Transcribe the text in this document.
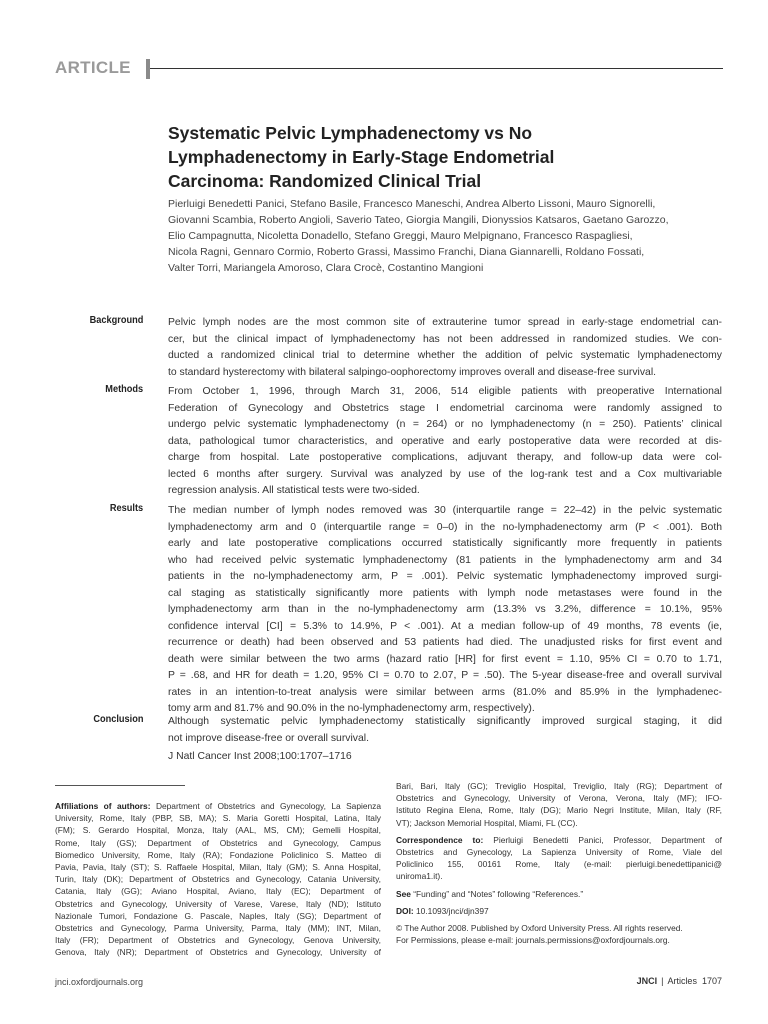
ARTICLE
Systematic Pelvic Lymphadenectomy vs No
Lymphadenectomy in Early-Stage Endometrial
Carcinoma: Randomized Clinical Trial
Pierluigi Benedetti Panici, Stefano Basile, Francesco Maneschi, Andrea Alberto Lissoni, Mauro Signorelli,
Giovanni Scambia, Roberto Angioli, Saverio Tateo, Giorgia Mangili, Dionyssios Katsaros, Gaetano Garozzo,
Elio Campagnutta, Nicoletta Donadello, Stefano Greggi, Mauro Melpignano, Francesco Raspagliesi,
Nicola Ragni, Gennaro Cormio, Roberto Grassi, Massimo Franchi, Diana Giannarelli, Roldano Fossati,
Valter Torri, Mariangela Amoroso, Clara Crocè, Costantino Mangioni
Background Pelvic lymph nodes are the most common site of extrauterine tumor spread in early-stage endometrial can-
cer, but the clinical impact of lymphadenectomy has not been addressed in randomized studies. We con-
ducted a randomized clinical trial to determine whether the addition of pelvic systematic lymphadenectomy
to standard hysterectomy with bilateral salpingo-oophorectomy improves overall and disease-free survival.
Methods From October 1, 1996, through March 31, 2006, 514 eligible patients with preoperative International
Federation of Gynecology and Obstetrics stage I endometrial carcinoma were randomly assigned to
undergo pelvic systematic lymphadenectomy (n = 264) or no lymphadenectomy (n = 250). Patients’ clinical
data, pathological tumor characteristics, and operative and early postoperative data were recorded at dis-
charge from hospital. Late postoperative complications, adjuvant therapy, and follow-up data were col-
lected 6 months after surgery. Survival was analyzed by use of the log-rank test and a Cox multivariable
regression analysis. All statistical tests were two-sided.
Results The median number of lymph nodes removed was 30 (interquartile range = 22–42) in the pelvic systematic
lymphadenectomy arm and 0 (interquartile range = 0–0) in the no-lymphadenectomy arm (P < .001). Both
early and late postoperative complications occurred statistically significantly more frequently in patients
who had received pelvic systematic lymphadenectomy (81 patients in the lymphadenectomy arm and 34
patients in the no-lymphadenectomy arm, P = .001). Pelvic systematic lymphadenectomy improved surgi-
cal staging as statistically significantly more patients with lymph node metastases were found in the
lymphadenectomy arm than in the no-lymphadenectomy arm (13.3% vs 3.2%, difference = 10.1%, 95%
confidence interval [CI] = 5.3% to 14.9%, P < .001). At a median follow-up of 49 months, 78 events (ie,
recurrence or death) had been observed and 53 patients had died. The unadjusted risks for first event and
death were similar between the two arms (hazard ratio [HR] for first event = 1.10, 95% CI = 0.70 to 1.71,
P = .68, and HR for death = 1.20, 95% CI = 0.70 to 2.07, P = .50). The 5-year disease-free and overall survival
rates in an intention-to-treat analysis were similar between arms (81.0% and 85.9% in the lymphadenec-
tomy arm and 81.7% and 90.0% in the no-lymphadenectomy arm, respectively).
Conclusion Although systematic pelvic lymphadenectomy statistically significantly improved surgical staging, it did
not improve disease-free or overall survival.
J Natl Cancer Inst 2008;100:1707–1716
Affiliations of authors: Department of Obstetrics and Gynecology, La Sapienza
University, Rome, Italy (PBP, SB, MA); S. Maria Goretti Hospital, Latina, Italy
(FM); S. Gerardo Hospital, Monza, Italy (AAL, MS, CM); Gemelli Hospital,
Rome, Italy (GS); Department of Obstetrics and Gynecology, Campus
Biomedico University, Rome, Italy (RA); Fondazione Policlinico S. Matteo di
Pavia, Pavia, Italy (ST); S. Raffaele Hospital, Milan, Italy (GM); S. Anna Hospital,
Turin, Italy (DK); Department of Obstetrics and Gynecology, Catania University,
Catania, Italy (GG); Aviano Hospital, Aviano, Italy (EC); Department of
Obstetrics and Gynecology, University of Varese, Varese, Italy (ND); Istituto
Nazionale Tumori, Fondazione G. Pascale, Naples, Italy (SG); Department of
Obstetrics and Gynecology, Parma University, Parma, Italy (MM); INT, Milan,
Italy (FR); Department of Obstetrics and Gynecology, Genova University,
Genova, Italy (NR); Department of Obstetrics and Gynecology, University of
Bari, Bari, Italy (GC); Treviglio Hospital, Treviglio, Italy (RG); Department of
Obstetrics and Gynecology, University of Verona, Verona, Italy (MF); IFO-
Istituto Regina Elena, Rome, Italy (DG); Mario Negri Institute, Milan, Italy (RF,
VT); Jackson Memorial Hospital, Miami, FL (CC).
Correspondence to: Pierluigi Benedetti Panici, Professor, Department of
Obstetrics and Gynecology, La Sapienza University of Rome, Viale del
Policlinico 155, 00161 Rome, Italy (e-mail: pierluigi.benedettipanici@
uniroma1.it).
See “Funding” and “Notes” following “References.”
DOI: 10.1093/jnci/djn397
© The Author 2008. Published by Oxford University Press. All rights reserved.
For Permissions, please e-mail: journals.permissions@oxfordjournals.org.
jnci.oxfordjournals.org	JNCI | Articles 1707
